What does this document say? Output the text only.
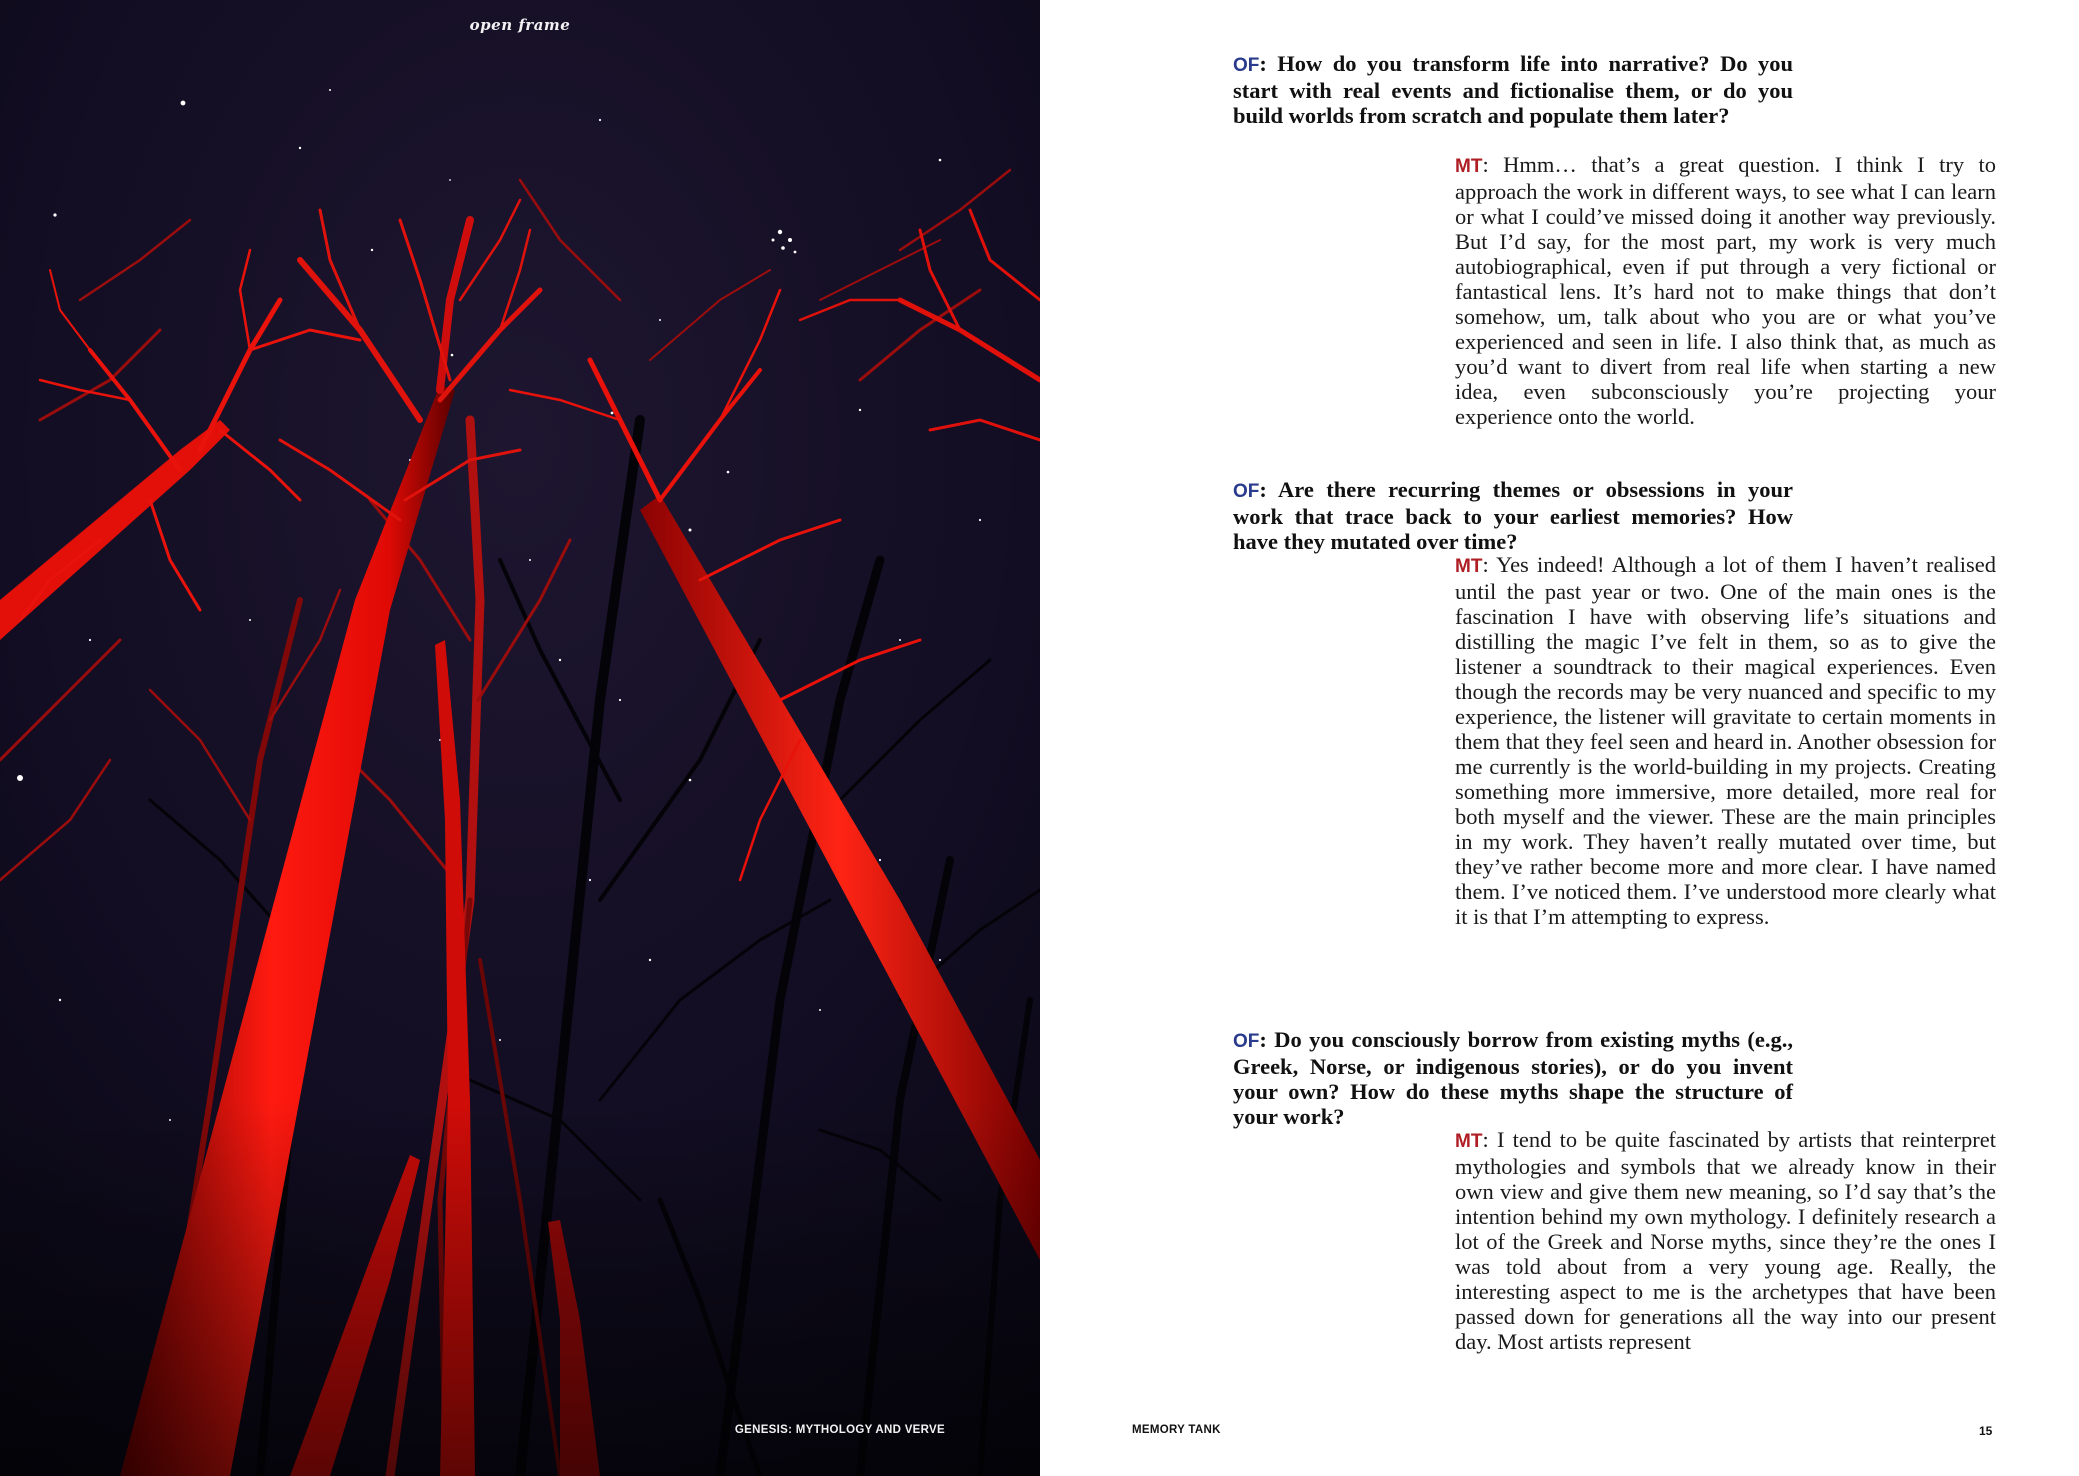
open frame
GENESIS: MYTHOLOGY AND VERVE
OF: How do you transform life into narrative? Do you start with real events and fictionalise them, or do you build worlds from scratch and populate them later?
MT: Hmm… that’s a great question. I think I try to approach the work in different ways, to see what I can learn or what I could’ve missed doing it another way previously. But I’d say, for the most part, my work is very much autobiographical, even if put through a very fictional or fantastical lens. It’s hard not to make things that don’t somehow, um, talk about who you are or what you’ve experienced and seen in life. I also think that, as much as you’d want to divert from real life when starting a new idea, even subconsciously you’re projecting your experience onto the world.
OF: Are there recurring themes or obsessions in your work that trace back to your earliest memories? How have they mutated over time?
MT: Yes indeed! Although a lot of them I haven’t realised until the past year or two. One of the main ones is the fascination I have with observing life’s situations and distilling the magic I’ve felt in them, so as to give the listener a soundtrack to their magical experiences. Even though the records may be very nuanced and specific to my experience, the listener will gravitate to certain moments in them that they feel seen and heard in. Another obsession for me currently is the world-building in my projects. Creating something more immersive, more detailed, more real for both myself and the viewer. These are the main principles in my work. They haven’t really mutated over time, but they’ve rather become more and more clear. I have named them. I’ve noticed them. I’ve understood more clearly what it is that I’m attempting to express.
OF: Do you consciously borrow from existing myths (e.g., Greek, Norse, or indigenous stories), or do you invent your own? How do these myths shape the structure of your work?
MT: I tend to be quite fascinated by artists that reinterpret mythologies and symbols that we already know in their own view and give them new meaning, so I’d say that’s the intention behind my own mythology. I definitely research a lot of the Greek and Norse myths, since they’re the ones I was told about from a very young age. Really, the interesting aspect to me is the archetypes that have been passed down for generations all the way into our present day. Most artists represent
MEMORY TANK	15
